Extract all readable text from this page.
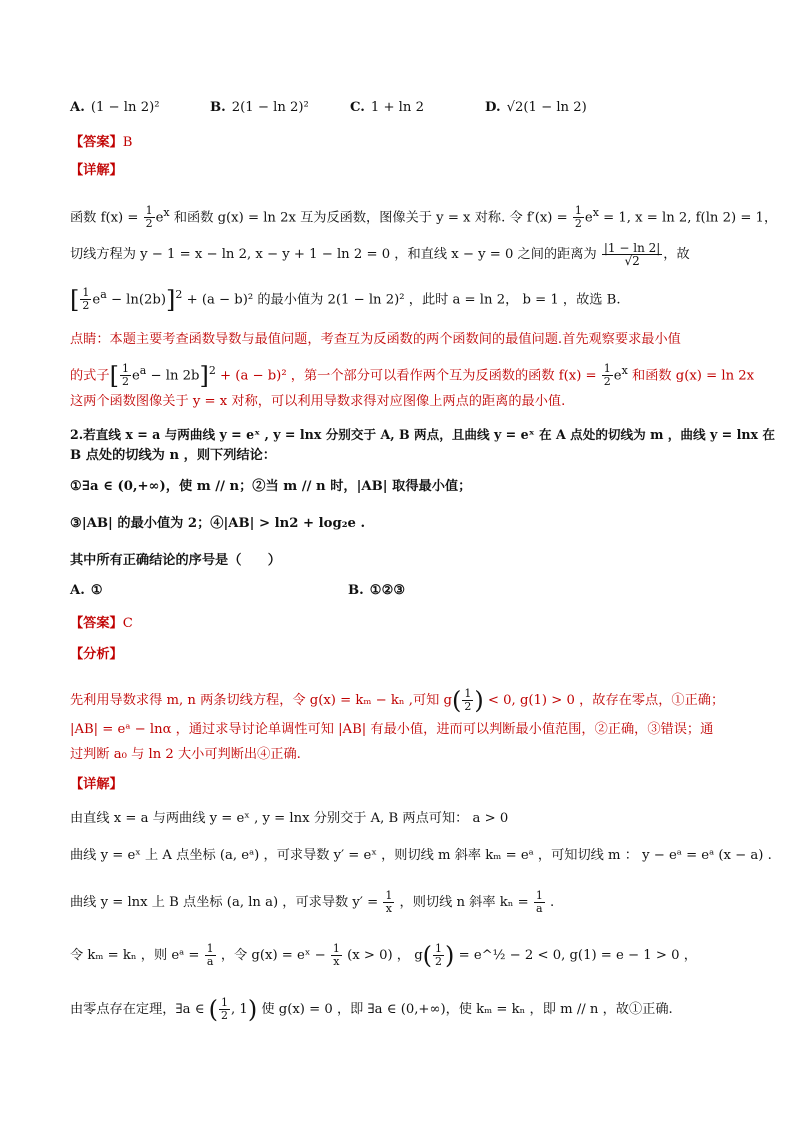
A. (1 − ln 2)²	B. 2(1 − ln 2)²	C. 1 + ln 2	D. √2(1 − ln 2)
【答案】B
【详解】
函数 $f(x) = \frac{1}{2} e^x$ 和函数 g(x) = ln 2x 互为反函数，图像关于 y = x 对称. 令 $f'(x) = \frac{1}{2} e^x = 1$, x = ln 2, f(ln 2) = 1，
切线方程为 y − 1 = x − ln 2, x − y + 1 − ln 2 = 0 ，和直线 x − y = 0 之间的距离为 $\frac{|1 - \ln 2|}{√2}$ ，故
[ $\frac{1}{2} e^a - \ln(2b)]^2 + (a - b)^2$ 的最小值为 2(1 − ln 2)² ，此时 a = ln 2， b = 1 ，故选 B.
点睛：本题主要考查函数导数与最值问题，考查互为反函数的两个函数间的最值问题.首先观察要求最小值
的式子[ $\frac{1}{2} e^a - \ln 2b]^2 + (a - b)^2$ ，第一个部分可以看作两个互为反函数的函数 $f(x) = \frac{1}{2} e^x$ 和函数 g(x) = ln 2x
这两个函数图像关于 y = x 对称，可以利用导数求得对应图像上两点的距离的最小值.
2.若直线 x = a 与两曲线 y = eˣ , y = lnx 分别交于 A, B 两点，且曲线 y = eˣ 在 A 点处的切线为 m ，曲线 y = lnx 在
B 点处的切线为 n ，则下列结论：
①∃a ∈ (0,+∞)，使 m // n；②当 m // n 时，|AB| 取得最小值；
③|AB| 的最小值为 2；④|AB| > ln2 + log₂e .
其中所有正确结论的序号是（　　）
A. ①	B. ①②③
【答案】C
【分析】
先利用导数求得 m, n 两条切线方程，令 g(x) = kₘ − kₙ ,可知 $g( \frac{1}{2}$ ) < 0, g(1) > 0 ，故存在零点，①正确；
|AB| = eᵃ − lnα ，通过求导讨论单调性可知 |AB| 有最小值，进而可以判断最小值范围，②正确，③错误；通
过判断 a₀ 与 ln 2 大小可判断出④正确.
【详解】
由直线 x = a 与两曲线 y = eˣ , y = lnx 分别交于 A, B 两点可知： a > 0
曲线 y = eˣ 上 A 点坐标 (a, eᵃ) ，可求导数 y′ = eˣ ，则切线 m 斜率 kₘ = eᵃ ，可知切线 m ： y − eᵃ = eᵃ (x − a) .
曲线 y = lnx 上 B 点坐标 (a, ln a) ，可求导数 $y' = \frac{1}{x}$ ，则切线 n 斜率 $k_n = \frac{1}{a}$ .
令 kₘ = kₙ ，则 eᵃ = $\frac{1}{a}$ ，令 g(x) = eˣ − $\frac{1}{x} (x > 0)$ ， $g( \frac{1}{2}$ ) = e^½ − 2 < 0, g(1) = e − 1 > 0 ，
由零点存在定理，∃a ∈ ( $\frac{1}{2}$ , 1) 使 g(x) = 0 ，即 ∃a ∈ (0,+∞)，使 kₘ = kₙ ，即 m // n ，故①正确.
